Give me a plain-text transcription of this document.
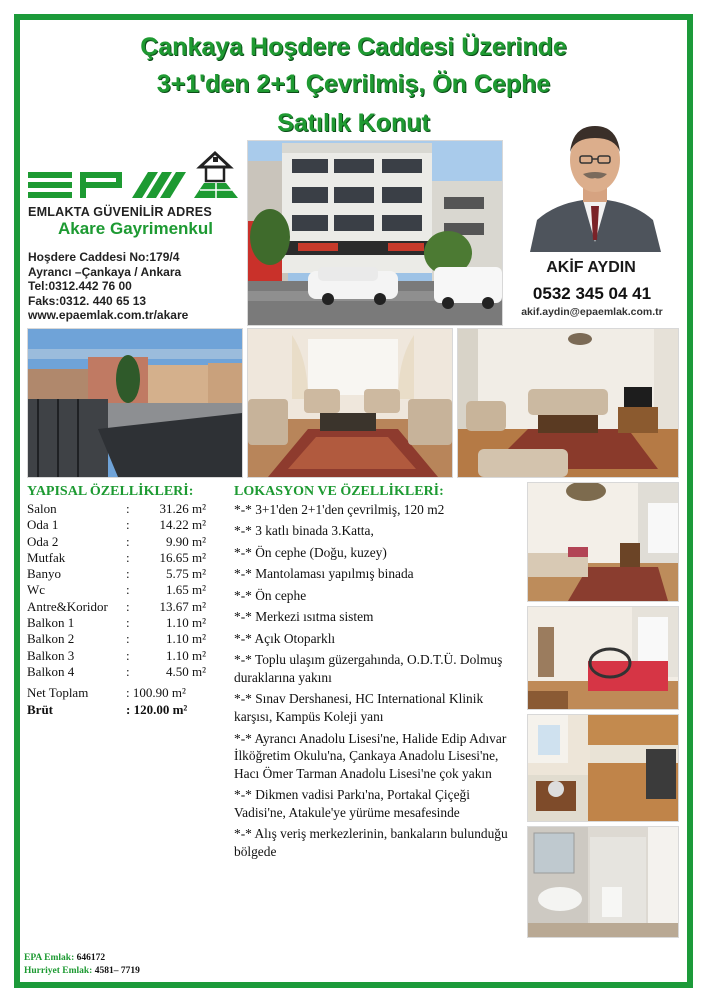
Çankaya Hoşdere Caddesi Üzerinde
3+1'den 2+1 Çevrilmiş, Ön Cephe
Satılık Konut
EMLAKTA GÜVENİLİR ADRES
Akare Gayrimenkul
Hoşdere Caddesi No:179/4
Ayrancı –Çankaya / Ankara
Tel:0312.442 76 00
Faks:0312. 440 65 13
www.epaemlak.com.tr/akare
AKİF AYDIN
0532 345 04 41
akif.aydin@epaemlak.com.tr
YAPISAL ÖZELLİKLERİ:
Salon	:	31.26 m²
Oda 1	:	14.22 m²
Oda 2	:	9.90 m²
Mutfak	:	16.65 m²
Banyo	:	5.75 m²
Wc	:	1.65 m²
Antre&Koridor	:	13.67 m²
Balkon 1	:	1.10 m²
Balkon 2	:	1.10 m²
Balkon 3	:	1.10 m²
Balkon 4	:	4.50 m²
Net Toplam	: 100.90 m²
Brüt	: 120.00 m²
LOKASYON VE ÖZELLİKLERİ:
*-* 3+1'den 2+1'den çevrilmiş, 120 m2
*-* 3 katlı binada 3.Katta,
*-* Ön cephe (Doğu, kuzey)
*-* Mantolaması yapılmış binada
*-* Ön cephe
*-* Merkezi ısıtma sistem
*-* Açık Otoparklı
*-* Toplu ulaşım güzergahında, O.D.T.Ü. Dolmuş duraklarına yakını
*-* Sınav Dershanesi, HC International Klinik karşısı, Kampüs Koleji yanı
*-* Ayrancı Anadolu Lisesi'ne, Halide Edip Adıvar İlköğretim Okulu'na, Çankaya Anadolu Lisesi'ne, Hacı Ömer Tarman Anadolu Lisesi'ne çok yakın
*-* Dikmen vadisi Parkı'na, Portakal Çiçeği Vadisi'ne, Atakule'ye yürüme mesafesinde
*-* Alış veriş merkezlerinin, bankaların bulunduğu bölgede
EPA Emlak: 646172
Hurriyet Emlak: 4581– 7719
